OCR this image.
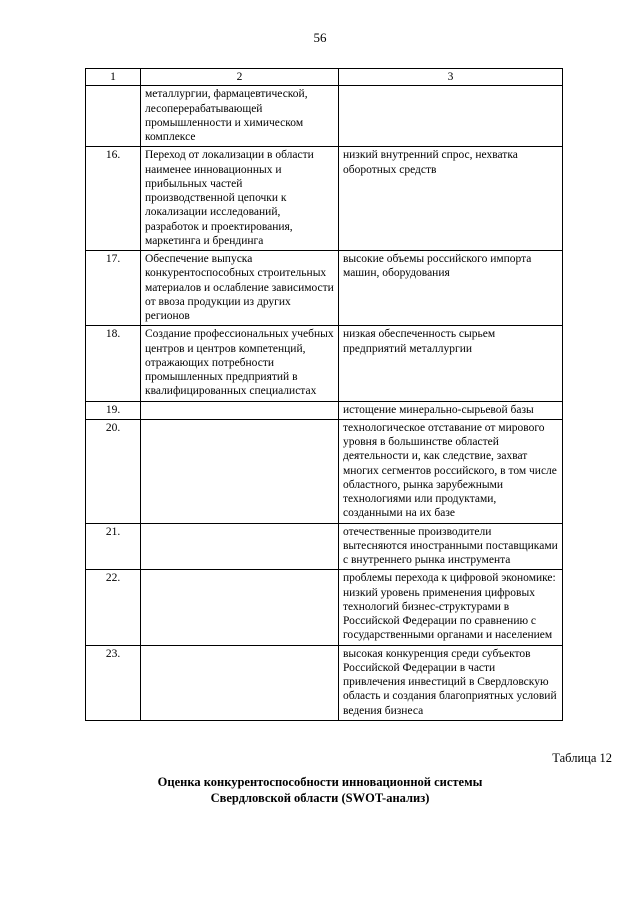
56
1	2	3
	металлургии, фармацевтической, лесоперерабатывающей промышленности и химическом комплексе	
16.	Переход от локализации в области наименее инновационных и прибыльных частей производственной цепочки к локализации исследований, разработок и проектирования, маркетинга и брендинга	низкий внутренний спрос, нехватка оборотных средств
17.	Обеспечение выпуска конкурентоспособных строительных материалов и ослабление зависимости от ввоза продукции из других регионов	высокие объемы российского импорта машин, оборудования
18.	Создание профессиональных учебных центров и центров компетенций, отражающих потребности промышленных предприятий в квалифицированных специалистах	низкая обеспеченность сырьем предприятий металлургии
19.		истощение минерально-сырьевой базы
20.		технологическое отставание от мирового уровня в большинстве областей деятельности и, как следствие, захват многих сегментов российского, в том числе областного, рынка зарубежными технологиями или продуктами, созданными на их базе
21.		отечественные производители вытесняются иностранными поставщиками с внутреннего рынка инструмента
22.		проблемы перехода к цифровой экономике: низкий уровень применения цифровых технологий бизнес-структурами в Российской Федерации по сравнению с государственными органами и населением
23.		высокая конкуренция среди субъектов Российской Федерации в части привлечения инвестиций в Свердловскую область и создания благоприятных условий ведения бизнеса
Таблица 12
Оценка конкурентоспособности инновационной системы Свердловской области (SWOT-анализ)
